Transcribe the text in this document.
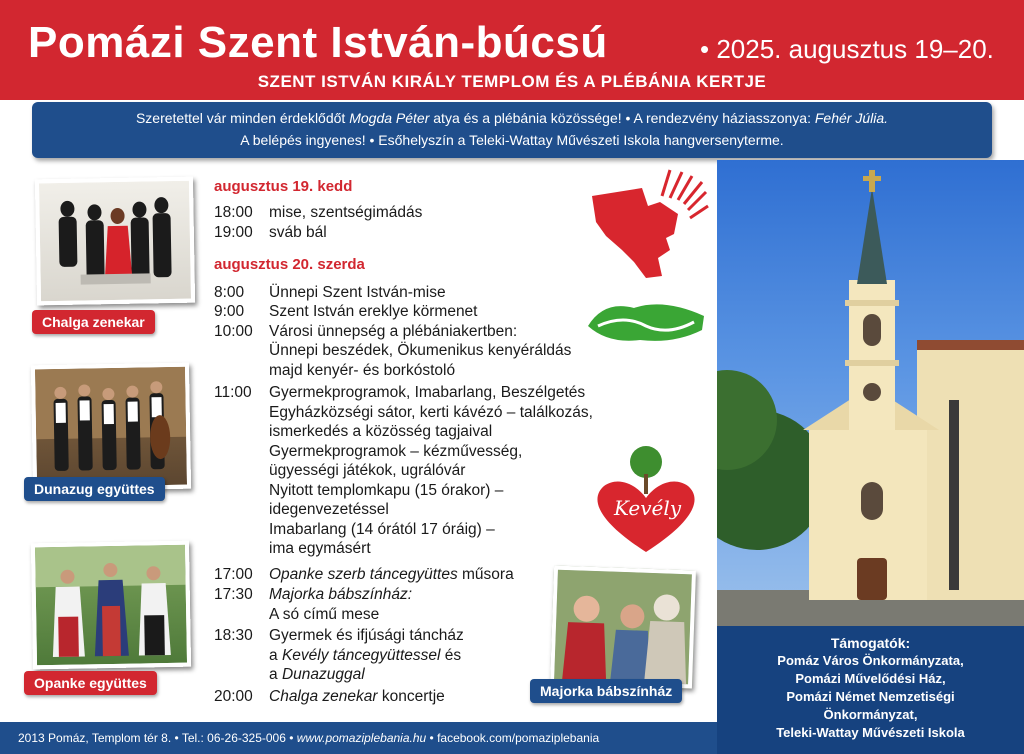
Pomázi Szent István-búcsú	• 2025. augusztus 19–20.
SZENT ISTVÁN KIRÁLY TEMPLOM ÉS A PLÉBÁNIA KERTJE
Szeretettel vár minden érdeklődőt Mogda Péter atya és a plébánia közössége! • A rendezvény háziasszonya: Fehér Júlia.
A belépés ingyenes! • Esőhelyszín a Teleki-Wattay Művészeti Iskola hangversenyterme.
Chalga zenekar
Dunazug együttes
Opanke együttes
augusztus 19. kedd
18:00 mise, szentségimádás
19:00 sváb bál
augusztus 20. szerda
8:00 Ünnepi Szent István-mise
9:00 Szent István ereklye körmenet
10:00 Városi ünnepség a plébániakertben:
Ünnepi beszédek, Ökumenikus kenyéráldás
majd kenyér- és borkóstoló
11:00 Gyermekprogramok, Imabarlang, Beszélgetés
Egyházközségi sátor, kerti kávézó – találkozás,
ismerkedés a közösség tagjaival
Gyermekprogramok – kézművesség,
ügyességi játékok, ugrálóvár
Nyitott templomkapu (15 órakor) –
idegenvezetéssel
Imabarlang (14 órától 17 óráig) –
ima egymásért
17:00 Opanke szerb táncegyüttes műsora
17:30 Majorka bábszínház:
A só című mese
18:30 Gyermek és ifjúsági táncház
a Kevély táncegyüttessel és
a Dunazuggal
20:00 Chalga zenekar koncertje
Kevély
Majorka bábszínház
Támogatók:
Pomáz Város Önkormányzata,
Pomázi Művelődési Ház,
Pomázi Német Nemzetiségi
Önkormányzat,
Teleki-Wattay Művészeti Iskola
2013 Pomáz, Templom tér 8. • Tel.: 06-26-325-006 • www.pomaziplebania.hu • facebook.com/pomaziplebania
